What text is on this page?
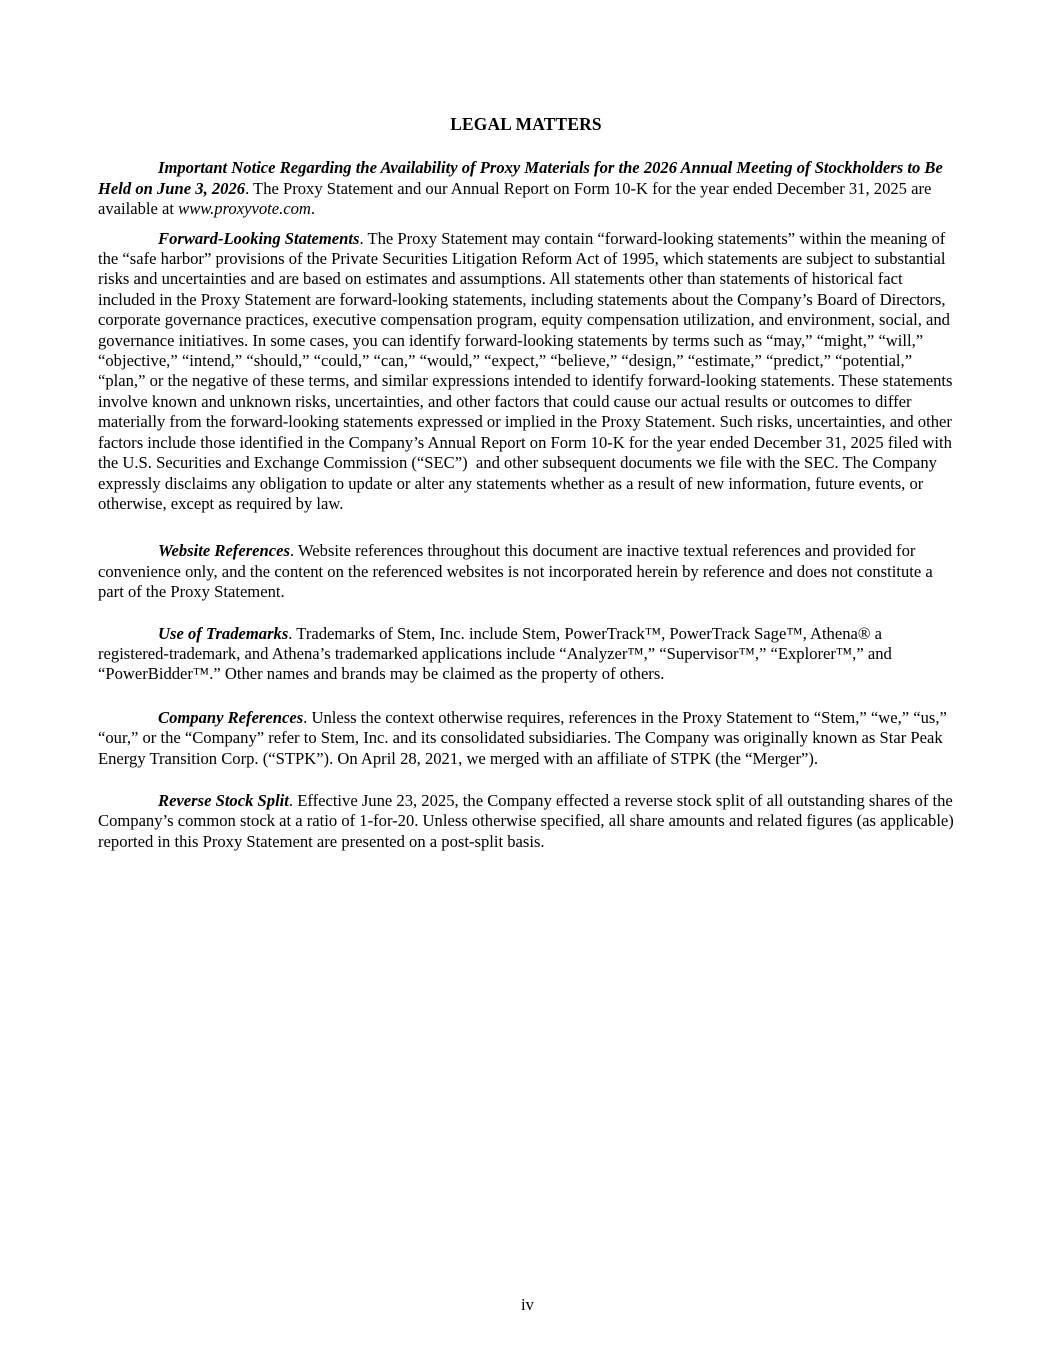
LEGAL MATTERS

Important Notice Regarding the Availability of Proxy Materials for the 2026 Annual Meeting of Stockholders to Be Held on June 3, 2026. The Proxy Statement and our Annual Report on Form 10-K for the year ended December 31, 2025 are available at www.proxyvote.com.

Forward-Looking Statements. The Proxy Statement may contain “forward-looking statements” within the meaning of the “safe harbor” provisions of the Private Securities Litigation Reform Act of 1995, which statements are subject to substantial risks and uncertainties and are based on estimates and assumptions. All statements other than statements of historical fact included in the Proxy Statement are forward-looking statements, including statements about the Company’s Board of Directors, corporate governance practices, executive compensation program, equity compensation utilization, and environment, social, and governance initiatives. In some cases, you can identify forward-looking statements by terms such as “may,” “might,” “will,” “objective,” “intend,” “should,” “could,” “can,” “would,” “expect,” “believe,” “design,” “estimate,” “predict,” “potential,” “plan,” or the negative of these terms, and similar expressions intended to identify forward-looking statements. These statements involve known and unknown risks, uncertainties, and other factors that could cause our actual results or outcomes to differ materially from the forward-looking statements expressed or implied in the Proxy Statement. Such risks, uncertainties, and other factors include those identified in the Company’s Annual Report on Form 10-K for the year ended December 31, 2025 filed with the U.S. Securities and Exchange Commission (“SEC”)  and other subsequent documents we file with the SEC. The Company expressly disclaims any obligation to update or alter any statements whether as a result of new information, future events, or otherwise, except as required by law.

Website References. Website references throughout this document are inactive textual references and provided for convenience only, and the content on the referenced websites is not incorporated herein by reference and does not constitute a part of the Proxy Statement.

Use of Trademarks. Trademarks of Stem, Inc. include Stem, PowerTrack™, PowerTrack Sage™, Athena® a registered-trademark, and Athena’s trademarked applications include “Analyzer™,” “Supervisor™,” “Explorer™,” and “PowerBidder™.” Other names and brands may be claimed as the property of others.

Company References. Unless the context otherwise requires, references in the Proxy Statement to “Stem,” “we,” “us,” “our,” or the “Company” refer to Stem, Inc. and its consolidated subsidiaries. The Company was originally known as Star Peak Energy Transition Corp. (“STPK”). On April 28, 2021, we merged with an affiliate of STPK (the “Merger”).

Reverse Stock Split. Effective June 23, 2025, the Company effected a reverse stock split of all outstanding shares of the Company’s common stock at a ratio of 1-for-20. Unless otherwise specified, all share amounts and related figures (as applicable) reported in this Proxy Statement are presented on a post-split basis.

iv
